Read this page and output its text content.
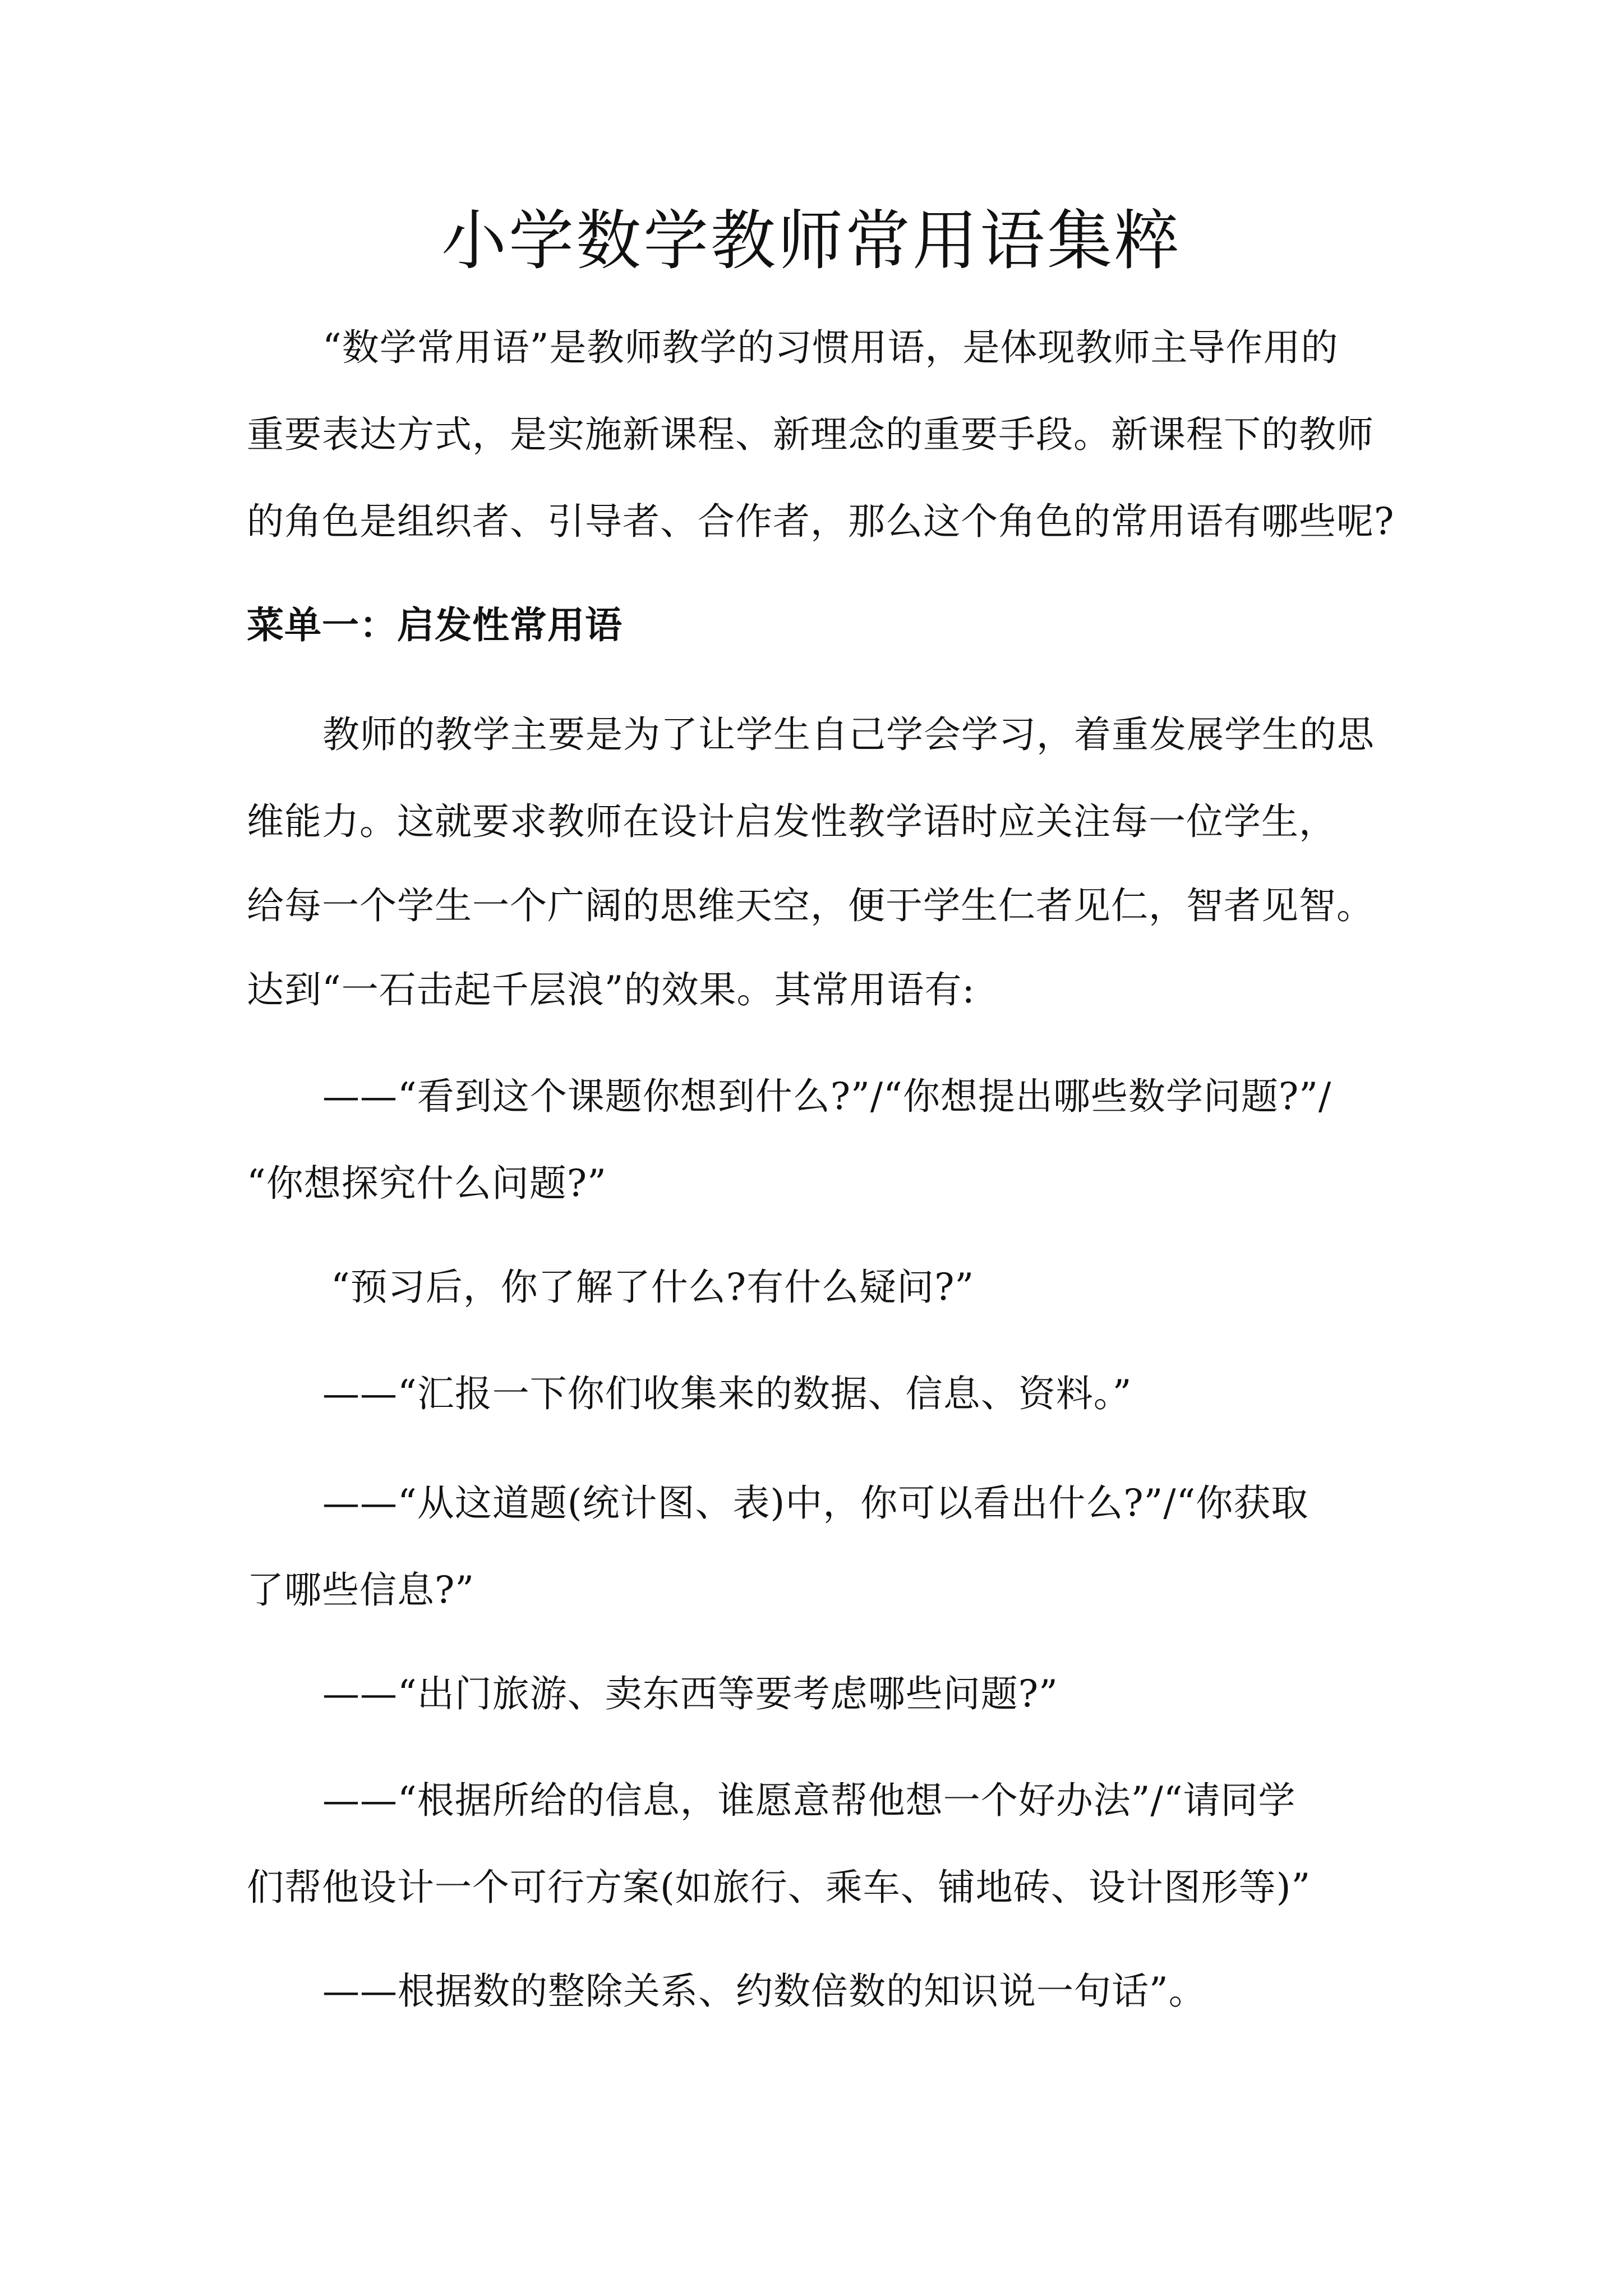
小学数学教师常用语集粹
“数学常用语”是教师教学的习惯用语，是体现教师主导作用的
重要表达方式，是实施新课程、新理念的重要手段。新课程下的教师
的角色是组织者、引导者、合作者，那么这个角色的常用语有哪些呢?
菜单一：启发性常用语
教师的教学主要是为了让学生自己学会学习，着重发展学生的思
维能力。这就要求教师在设计启发性教学语时应关注每一位学生，
给每一个学生一个广阔的思维天空，便于学生仁者见仁，智者见智。
达到“一石击起千层浪”的效果。其常用语有:
——“看到这个课题你想到什么?”/“你想提出哪些数学问题?”/
“你想探究什么问题?”
“预习后，你了解了什么?有什么疑问?”
——“汇报一下你们收集来的数据、信息、资料。”
——“从这道题(统计图、表)中，你可以看出什么?”/“你获取
了哪些信息?”
——“出门旅游、卖东西等要考虑哪些问题?”
——“根据所给的信息，谁愿意帮他想一个好办法”/“请同学
们帮他设计一个可行方案(如旅行、乘车、铺地砖、设计图形等)”
——根据数的整除关系、约数倍数的知识说一句话”。
